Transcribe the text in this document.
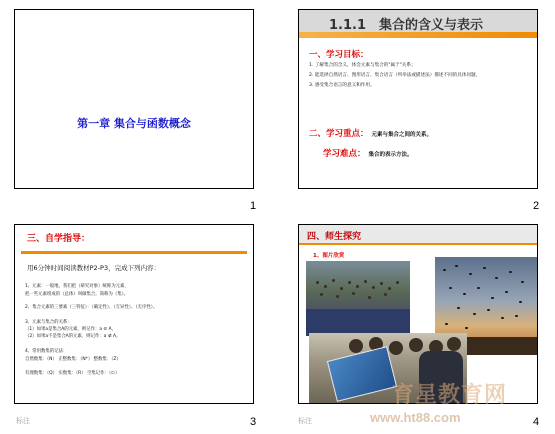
第一章 集合与函数概念
1
1.1.1　集合的含义与表示
一、学习目标：
1. 了解集合的含义，体会元素与集合的"属于"关系；
2. 能选择自然语言、图形语言、集合语言（列举法或描述法）描述不同的具体问题，
3. 感受集合语言的意义和作用。
二、学习重点： 元素与集合之间的关系。
学习难点： 集合的表示方法。
2
三、自学指导：
用6分钟时间阅读教材P2-P3，完成下列内容：
1、元素：一般地，我们把（研究对象）统称为元素，
把一些元素组成的（总体）叫做集合，简称为（集）。
2、集合元素的三要素（三特征）：（确定性）、（互异性）、（无序性）。
3、元素与集合的关系：
（1）如果a是集合A的元素，则记作：a ∈ A，
（2）如果a不是集合A的元素，则记作：a ∉ A。
4、常用数集的记法：
自然数集：（N） 正整数集：（N*） 整数集：（Z）
有理数集：（Q） 实数集：（R） 空集记作：（∅）
标注	3
四、师生探究
1、图片欣赏
标注	4
育星教育网
www.ht88.com
